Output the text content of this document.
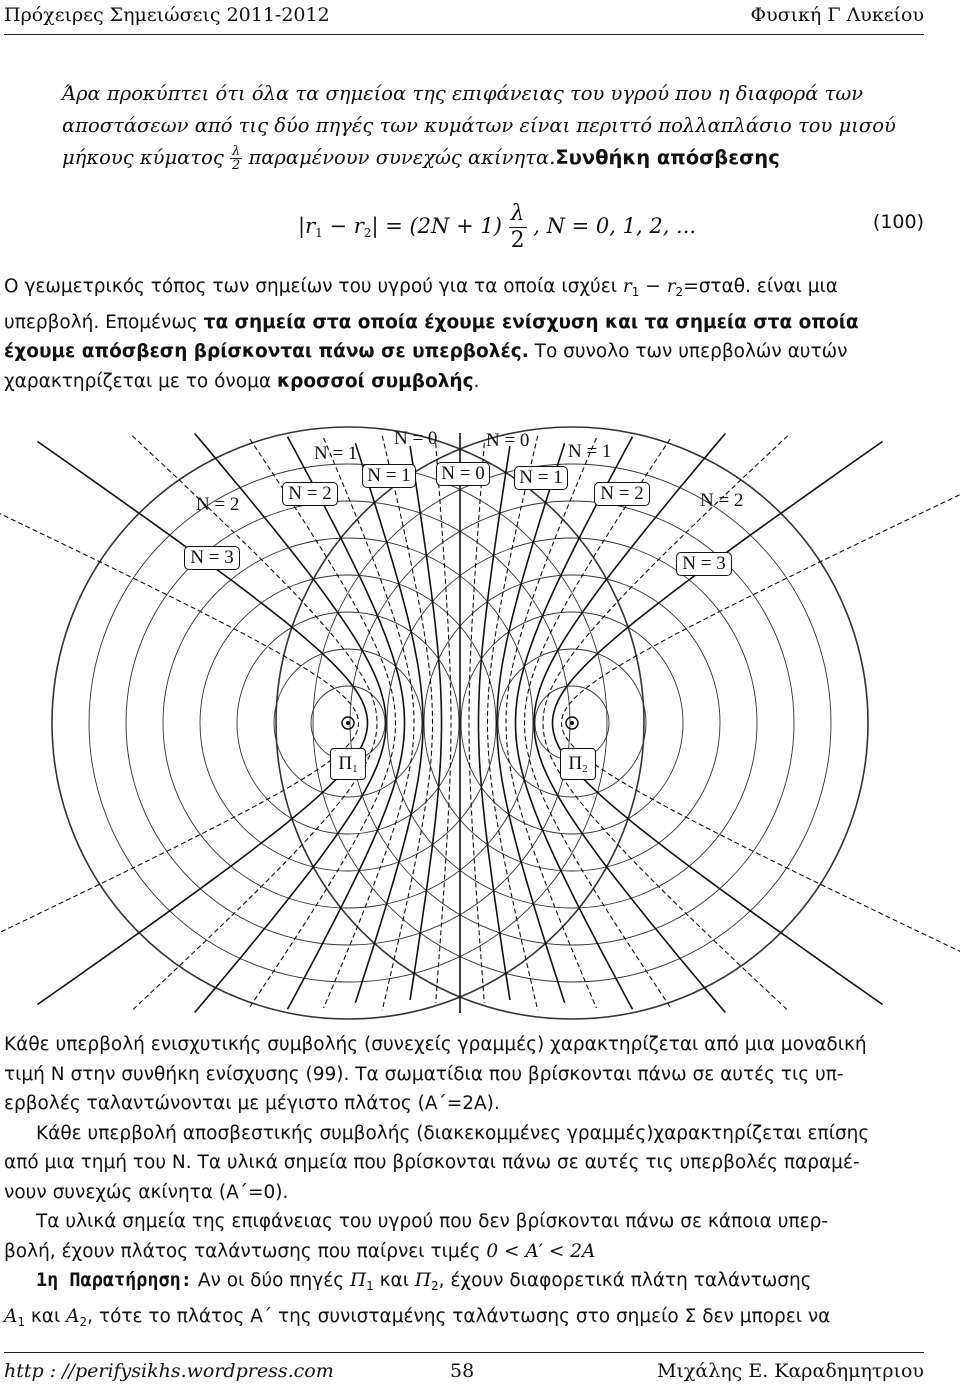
Πρόχειρες Σημειώσεις 2011-2012	Φυσική Γ Λυκείου
Άρα προκύπτει ότι όλα τα σημείοα της επιφάνειας του υγρού που η διαφορά των
αποστάσεων από τις δύο πηγές των κυμάτων είναι περιττό πολλαπλάσιο του μισού
μήκους κύματος $\frac{\lambda}{2}$ παραμένουν συνεχώς ακίνητα.Συνθήκη απόσβεσης
$|r_1 - r_2| = (2N + 1) \frac{\lambda}{2}$ , N = 0, 1, 2, ...	(100)
Ο γεωμετρικός τόπος των σημείων του υγρού για τα οποία ισχύει $r_1 - r_2=\sigma\tau\alpha\theta$. είναι μια
υπερβολή. Επομένως τα σημεία στα οποία έχουμε ενίσχυση και τα σημεία στα οποία
έχουμε απόσβεση βρίσκονται πάνω σε υπερβολές. Το συνολο των υπερβολών αυτών
χαρακτηρίζεται με το όνομα κροσσοί συμβολής.
N = 0	N = 0
N = 1	N = 1
N = 2	N = 2
N = 1 N = 0 N = 1
N = 2	N = 2
N = 3	N = 3
Π1	Π2
Κάθε υπερβολή ενισχυτικής συμβολής (συνεχείς γραμμές) χαρακτηρίζεται από μια μοναδική
τιμή N στην συνθήκη ενίσχυσης (99). Τα σωματίδια που βρίσκονται πάνω σε αυτές τις υπ-
ερβολές ταλαντώνονται με μέγιστο πλάτος (Α΄=2Α).
Κάθε υπερβολή αποσβεστικής συμβολής (διακεκομμένες γραμμές)χαρακτηρίζεται επίσης
από μια τημή του N. Τα υλικά σημεία που βρίσκονται πάνω σε αυτές τις υπερβολές παραμέ-
νουν συνεχώς ακίνητα (Α΄=0).
Τα υλικά σημεία της επιφάνειας του υγρού που δεν βρίσκονται πάνω σε κάποια υπερ-
βολή, έχουν πλάτος ταλάντωσης που παίρνει τιμές 0 < A′ < 2A
1η Παρατήρηση: Αν οι δύο πηγές $\Pi_1$ και $\Pi_2$, έχουν διαφορετικά πλάτη ταλάντωσης
$A_1$ και $A_2$, τότε το πλάτος Α΄ της συνισταμένης ταλάντωσης στο σημείο Σ δεν μπορει να
http : //perifysikhs.wordpress.com	58	Μιχάλης Ε. Καραδημητριου
